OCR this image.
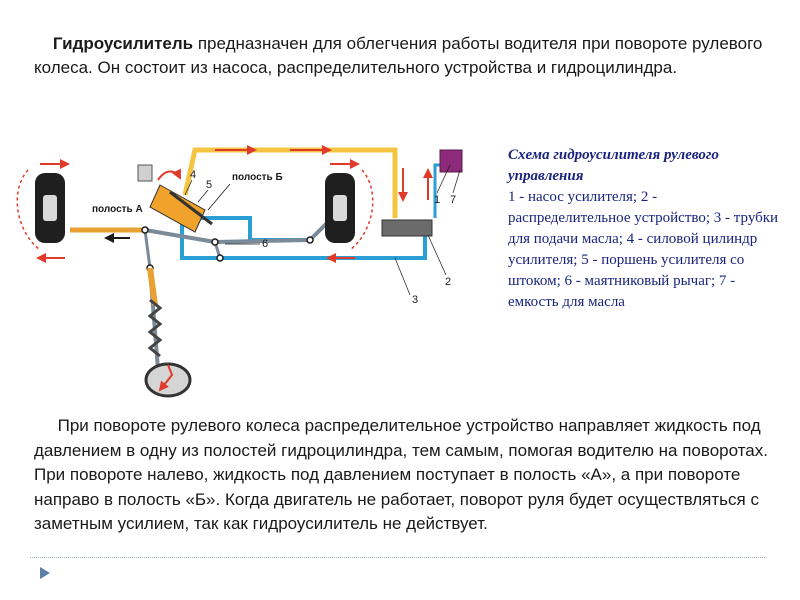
Гидроусилитель предназначен для облегчения работы водителя при повороте рулевого колеса. Он состоит из насоса, распределительного устройства и гидроцилиндра.

полость А
полость Б
1
2
3
4
5
6
7
Схема гидроусилителя рулевого управления
1 - насос усилителя; 2 - распределительное устройство; 3 - трубки для подачи масла; 4 - силовой цилиндр усилителя; 5 - поршень усилителя со штоком; 6 - маятниковый рычаг; 7 - емкость для масла

При повороте рулевого колеса распределительное устройство направляет жидкость под давлением в одну из полостей гидроцилиндра, тем самым, помогая водителю на поворотах. При повороте налево, жидкость под давлением поступает в полость «А», а при повороте направо в полость «Б». Когда двигатель не работает, поворот руля будет осуществляться с заметным усилием, так как гидроусилитель не действует.
